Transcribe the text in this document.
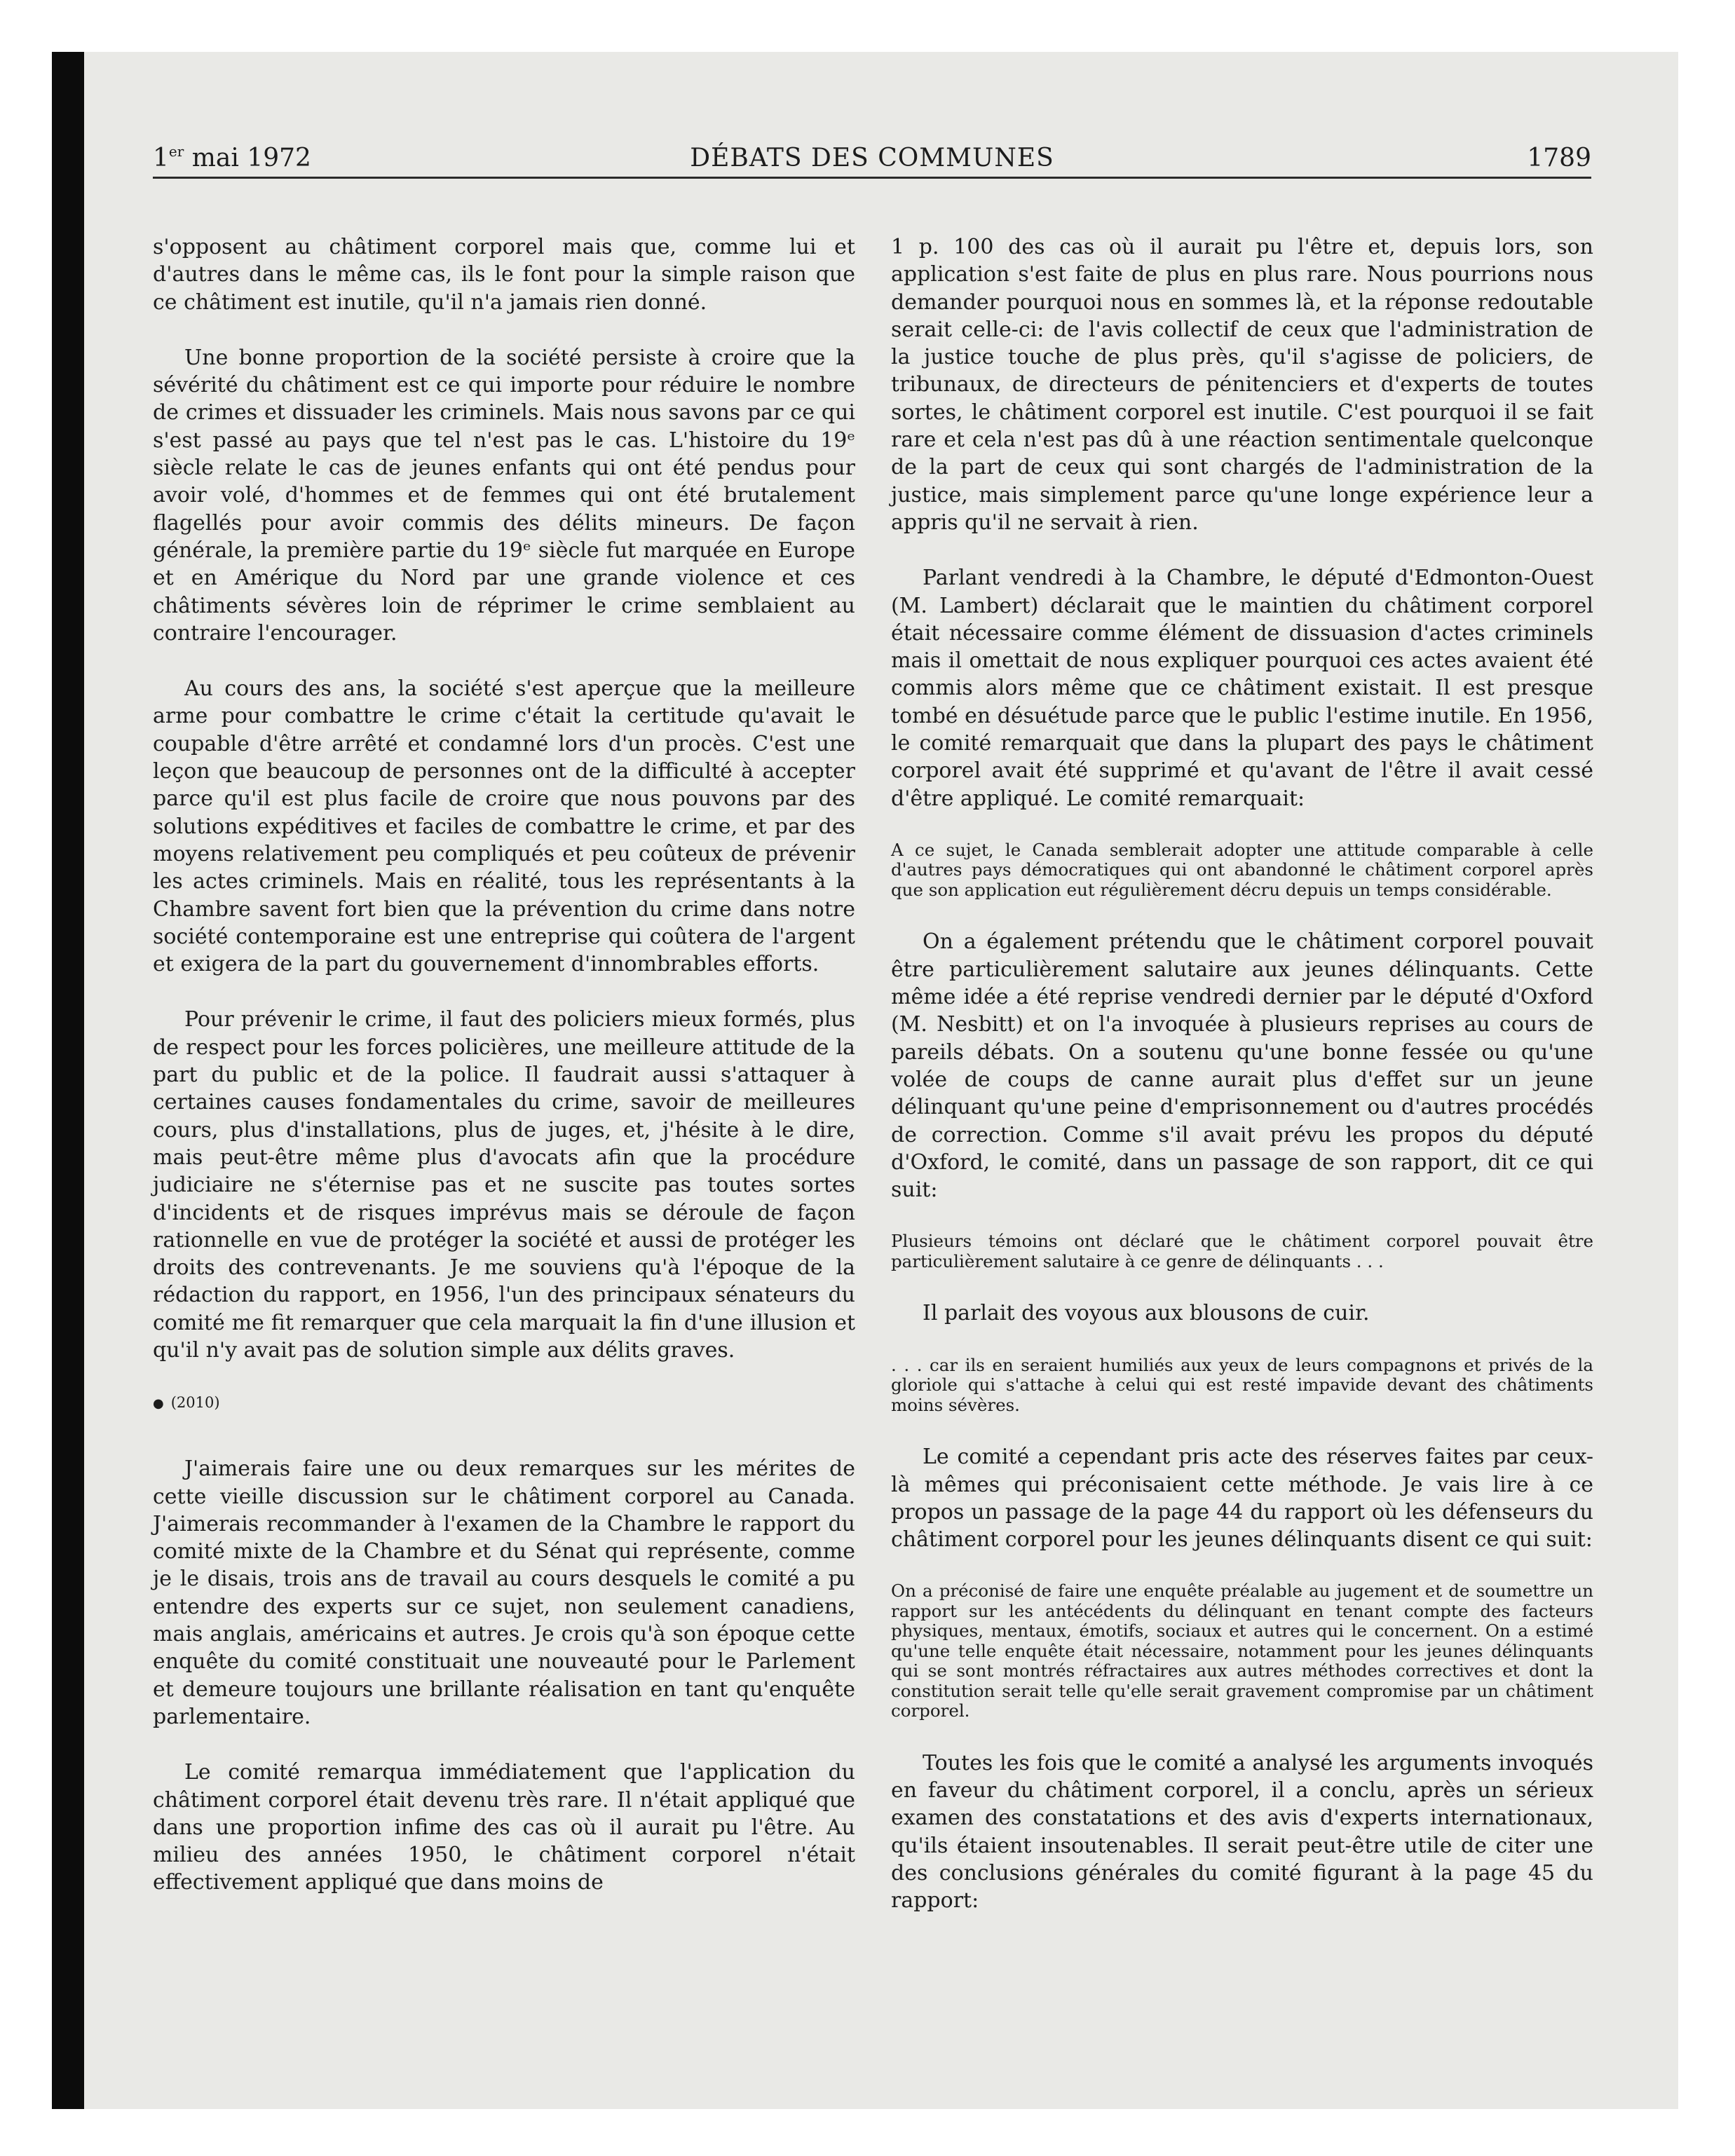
1er mai 1972	DÉBATS DES COMMUNES	1789

s'opposent au châtiment corporel mais que, comme lui et d'autres dans le même cas, ils le font pour la simple raison que ce châtiment est inutile, qu'il n'a jamais rien donné.

Une bonne proportion de la société persiste à croire que la sévérité du châtiment est ce qui importe pour réduire le nombre de crimes et dissuader les criminels. Mais nous savons par ce qui s'est passé au pays que tel n'est pas le cas. L'histoire du 19ᵉ siècle relate le cas de jeunes enfants qui ont été pendus pour avoir volé, d'hommes et de femmes qui ont été brutalement flagellés pour avoir commis des délits mineurs. De façon générale, la première partie du 19ᵉ siècle fut marquée en Europe et en Amérique du Nord par une grande violence et ces châtiments sévères loin de réprimer le crime semblaient au contraire l'encourager.

Au cours des ans, la société s'est aperçue que la meilleure arme pour combattre le crime c'était la certitude qu'avait le coupable d'être arrêté et condamné lors d'un procès. C'est une leçon que beaucoup de personnes ont de la difficulté à accepter parce qu'il est plus facile de croire que nous pouvons par des solutions expéditives et faciles de combattre le crime, et par des moyens relativement peu compliqués et peu coûteux de prévenir les actes criminels. Mais en réalité, tous les représentants à la Chambre savent fort bien que la prévention du crime dans notre société contemporaine est une entreprise qui coûtera de l'argent et exigera de la part du gouvernement d'innombrables efforts.

Pour prévenir le crime, il faut des policiers mieux formés, plus de respect pour les forces policières, une meilleure attitude de la part du public et de la police. Il faudrait aussi s'attaquer à certaines causes fondamentales du crime, savoir de meilleures cours, plus d'installations, plus de juges, et, j'hésite à le dire, mais peut-être même plus d'avocats afin que la procédure judiciaire ne s'éternise pas et ne suscite pas toutes sortes d'incidents et de risques imprévus mais se déroule de façon rationnelle en vue de protéger la société et aussi de protéger les droits des contrevenants. Je me souviens qu'à l'époque de la rédaction du rapport, en 1956, l'un des principaux sénateurs du comité me fit remarquer que cela marquait la fin d'une illusion et qu'il n'y avait pas de solution simple aux délits graves.

● (2010)

J'aimerais faire une ou deux remarques sur les mérites de cette vieille discussion sur le châtiment corporel au Canada. J'aimerais recommander à l'examen de la Chambre le rapport du comité mixte de la Chambre et du Sénat qui représente, comme je le disais, trois ans de travail au cours desquels le comité a pu entendre des experts sur ce sujet, non seulement canadiens, mais anglais, américains et autres. Je crois qu'à son époque cette enquête du comité constituait une nouveauté pour le Parlement et demeure toujours une brillante réalisation en tant qu'enquête parlementaire.

Le comité remarqua immédiatement que l'application du châtiment corporel était devenu très rare. Il n'était appliqué que dans une proportion infime des cas où il aurait pu l'être. Au milieu des années 1950, le châtiment corporel n'était effectivement appliqué que dans moins de

1 p. 100 des cas où il aurait pu l'être et, depuis lors, son application s'est faite de plus en plus rare. Nous pourrions nous demander pourquoi nous en sommes là, et la réponse redoutable serait celle-ci: de l'avis collectif de ceux que l'administration de la justice touche de plus près, qu'il s'agisse de policiers, de tribunaux, de directeurs de pénitenciers et d'experts de toutes sortes, le châtiment corporel est inutile. C'est pourquoi il se fait rare et cela n'est pas dû à une réaction sentimentale quelconque de la part de ceux qui sont chargés de l'administration de la justice, mais simplement parce qu'une longe expérience leur a appris qu'il ne servait à rien.

Parlant vendredi à la Chambre, le député d'Edmonton-Ouest (M. Lambert) déclarait que le maintien du châtiment corporel était nécessaire comme élément de dissuasion d'actes criminels mais il omettait de nous expliquer pourquoi ces actes avaient été commis alors même que ce châtiment existait. Il est presque tombé en désuétude parce que le public l'estime inutile. En 1956, le comité remarquait que dans la plupart des pays le châtiment corporel avait été supprimé et qu'avant de l'être il avait cessé d'être appliqué. Le comité remarquait:

A ce sujet, le Canada semblerait adopter une attitude comparable à celle d'autres pays démocratiques qui ont abandonné le châtiment corporel après que son application eut régulièrement décru depuis un temps considérable.

On a également prétendu que le châtiment corporel pouvait être particulièrement salutaire aux jeunes délinquants. Cette même idée a été reprise vendredi dernier par le député d'Oxford (M. Nesbitt) et on l'a invoquée à plusieurs reprises au cours de pareils débats. On a soutenu qu'une bonne fessée ou qu'une volée de coups de canne aurait plus d'effet sur un jeune délinquant qu'une peine d'emprisonnement ou d'autres procédés de correction. Comme s'il avait prévu les propos du député d'Oxford, le comité, dans un passage de son rapport, dit ce qui suit:

Plusieurs témoins ont déclaré que le châtiment corporel pouvait être particulièrement salutaire à ce genre de délinquants . . .

Il parlait des voyous aux blousons de cuir.

. . . car ils en seraient humiliés aux yeux de leurs compagnons et privés de la gloriole qui s'attache à celui qui est resté impavide devant des châtiments moins sévères.

Le comité a cependant pris acte des réserves faites par ceux-là mêmes qui préconisaient cette méthode. Je vais lire à ce propos un passage de la page 44 du rapport où les défenseurs du châtiment corporel pour les jeunes délinquants disent ce qui suit:

On a préconisé de faire une enquête préalable au jugement et de soumettre un rapport sur les antécédents du délinquant en tenant compte des facteurs physiques, mentaux, émotifs, sociaux et autres qui le concernent. On a estimé qu'une telle enquête était nécessaire, notamment pour les jeunes délinquants qui se sont montrés réfractaires aux autres méthodes correctives et dont la constitution serait telle qu'elle serait gravement compromise par un châtiment corporel.

Toutes les fois que le comité a analysé les arguments invoqués en faveur du châtiment corporel, il a conclu, après un sérieux examen des constatations et des avis d'experts internationaux, qu'ils étaient insoutenables. Il serait peut-être utile de citer une des conclusions générales du comité figurant à la page 45 du rapport:
